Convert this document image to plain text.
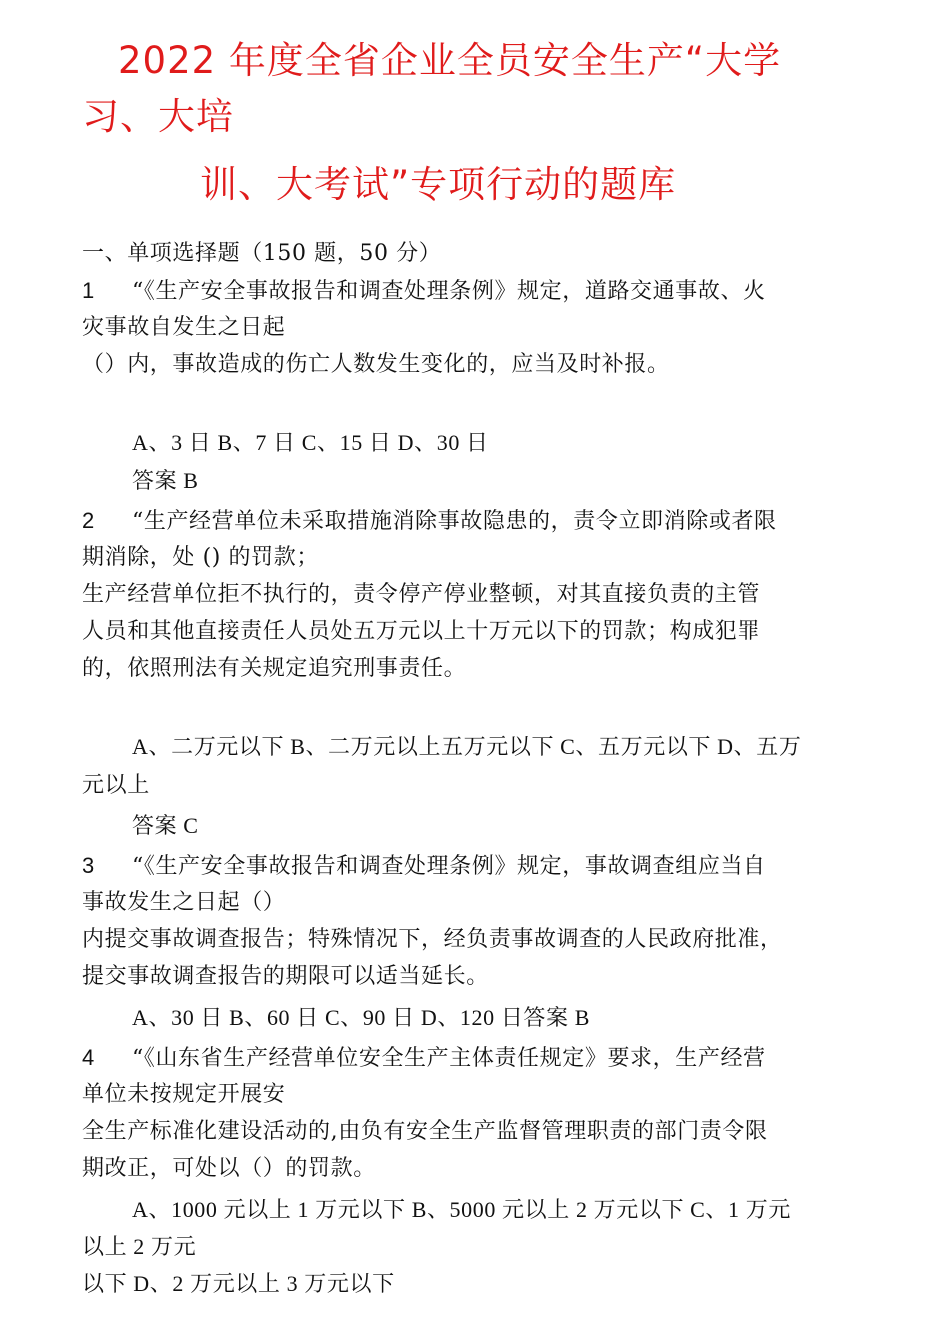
2022 年度全省企业全员安全生产“大学
习、大培
训、大考试”专项行动的题库
一、单项选择题（150 题，50 分）
1 “《生产安全事故报告和调查处理条例》规定，道路交通事故、火
灾事故自发生之日起
（）内，事故造成的伤亡人数发生变化的，应当及时补报。
A、3 日 B、7 日 C、15 日 D、30 日
答案 B
2 “生产经营单位未采取措施消除事故隐患的，责令立即消除或者限
期消除，处 () 的罚款；
生产经营单位拒不执行的，责令停产停业整顿，对其直接负责的主管
人员和其他直接责任人员处五万元以上十万元以下的罚款；构成犯罪
的，依照刑法有关规定追究刑事责任。
A、二万元以下 B、二万元以上五万元以下 C、五万元以下 D、五万
元以上
答案 C
3 “《生产安全事故报告和调查处理条例》规定，事故调查组应当自
事故发生之日起（）
内提交事故调查报告；特殊情况下，经负责事故调查的人民政府批准，
提交事故调查报告的期限可以适当延长。
A、30 日 B、60 日 C、90 日 D、120 日答案 B
4 “《山东省生产经营单位安全生产主体责任规定》要求，生产经营
单位未按规定开展安
全生产标准化建设活动的,由负有安全生产监督管理职责的部门责令限
期改正，可处以（）的罚款。
A、1000 元以上 1 万元以下 B、5000 元以上 2 万元以下 C、1 万元
以上 2 万元
以下 D、2 万元以上 3 万元以下
